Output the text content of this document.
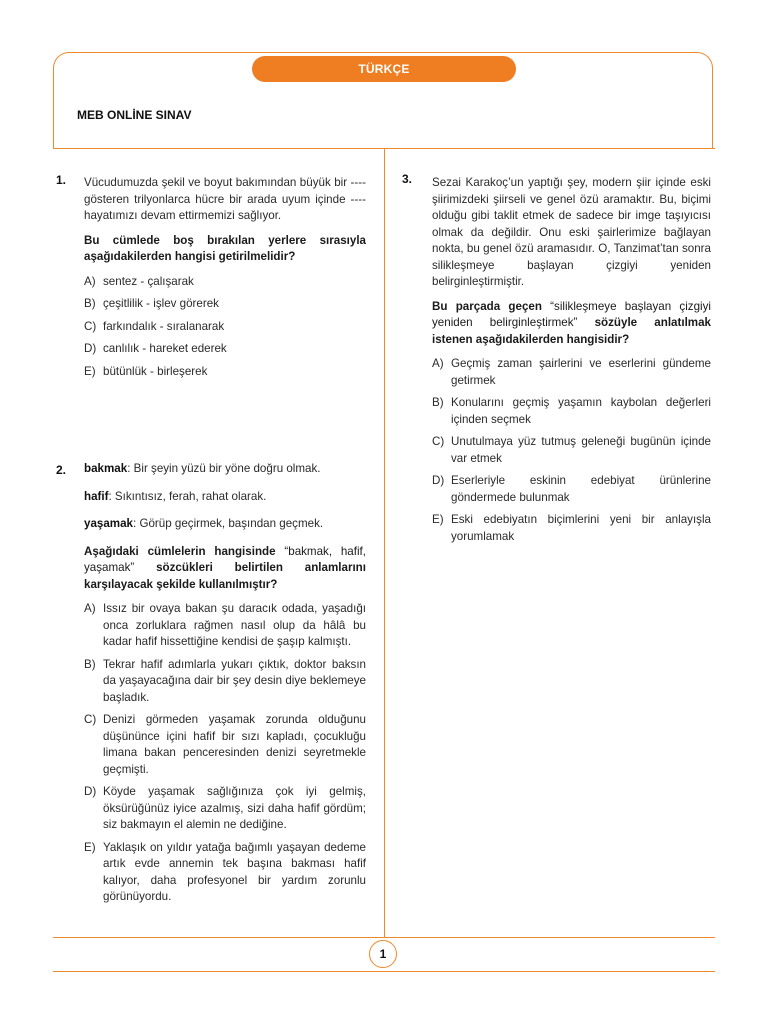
TÜRKÇE
MEB ONLİNE SINAV
1. Vücudumuzda şekil ve boyut bakımından büyük bir ---- gösteren trilyonlarca hücre bir arada uyum içinde ---- hayatımızı devam ettirmemizi sağlıyor.

Bu cümlede boş bırakılan yerlere sırasıyla aşağıdakilerden hangisi getirilmelidir?

A) sentez - çalışarak
B) çeşitlilik - işlev görerek
C) farkındalık - sıralanarak
D) canlılık - hareket ederek
E) bütünlük - birleşerek
2. bakmak: Bir şeyin yüzü bir yöne doğru olmak.

hafif: Sıkıntısız, ferah, rahat olarak.

yaşamak: Görüp geçirmek, başından geçmek.

Aşağıdaki cümlelerin hangisinde “bakmak, hafif, yaşamak” sözcükleri belirtilen anlamlarını karşılayacak şekilde kullanılmıştır?

A) Issız bir ovaya bakan şu daracık odada, yaşadığı onca zorluklara rağmen nasıl olup da hâlâ bu kadar hafif hissettiğine kendisi de şaşıp kalmıştı.
B) Tekrar hafif adımlarla yukarı çıktık, doktor baksın da yaşayacağına dair bir şey desin diye beklemeye başladık.
C) Denizi görmeden yaşamak zorunda olduğunu düşününce içini hafif bir sızı kapladı, çocukluğu limana bakan penceresinden denizi seyretmekle geçmişti.
D) Köyde yaşamak sağlığınıza çok iyi gelmiş, öksürüğünüz iyice azalmış, sizi daha hafif gördüm; siz bakmayın el alemin ne dediğine.
E) Yaklaşık on yıldır yatağa bağımlı yaşayan dedeme artık evde annemin tek başına bakması hafif kalıyor, daha profesyonel bir yardım zorunlu görünüyordu.
3. Sezai Karakoç’un yaptığı şey, modern şiir içinde eski şiirimizdeki şiirseli ve genel özü aramaktır. Bu, biçimi olduğu gibi taklit etmek de sadece bir imge taşıyıcısı olmak da değildir. Onu eski şairlerimize bağlayan nokta, bu genel özü aramasıdır. O, Tanzimat’tan sonra silikleşmeye başlayan çizgiyi yeniden belirginleştirmiştir.

Bu parçada geçen “silikleşmeye başlayan çizgiyi yeniden belirginleştirmek” sözüyle anlatılmak istenen aşağıdakilerden hangisidir?

A) Geçmiş zaman şairlerini ve eserlerini gündeme getirmek
B) Konularını geçmiş yaşamın kaybolan değerleri içinden seçmek
C) Unutulmaya yüz tutmuş geleneği bugünün içinde var etmek
D) Eserleriyle eskinin edebiyat ürünlerine göndermede bulunmak
E) Eski edebiyatın biçimlerini yeni bir anlayışla yorumlamak
1
